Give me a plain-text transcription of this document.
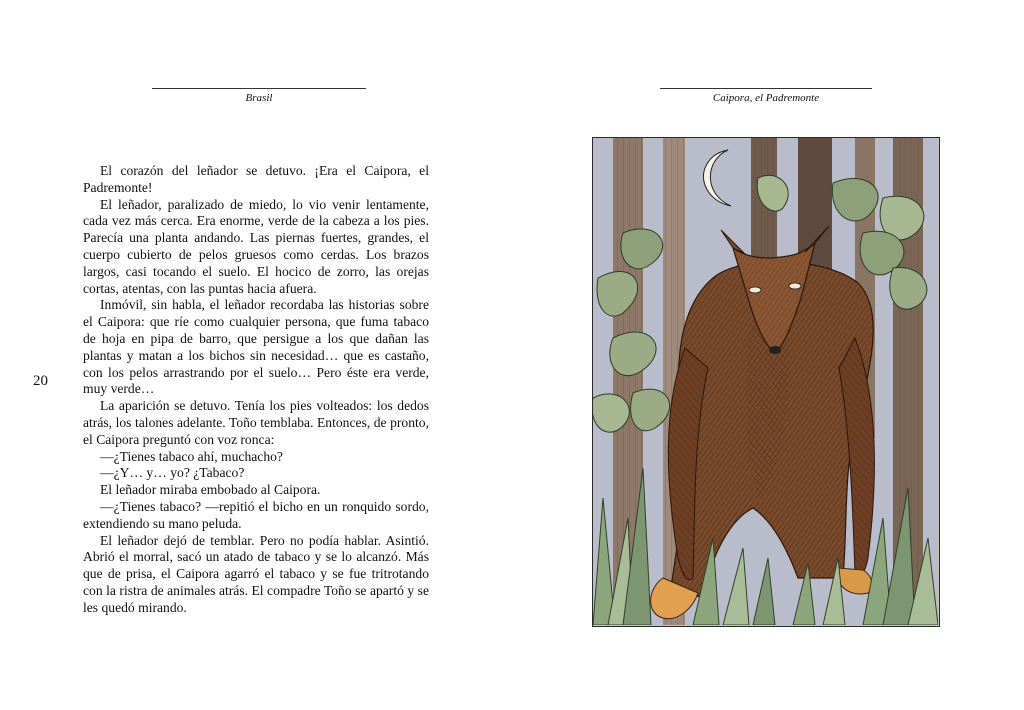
Brasil
20

El corazón del leñador se detuvo. ¡Era el Caipora, el Padremonte!

El leñador, paralizado de miedo, lo vio venir lentamente, cada vez más cerca. Era enorme, verde de la cabeza a los pies. Parecía una planta andando. Las piernas fuertes, grandes, el cuerpo cubierto de pelos gruesos como cerdas. Los brazos largos, casi tocando el suelo. El hocico de zorro, las orejas cortas, atentas, con las puntas hacia afuera.

Inmóvil, sin habla, el leñador recordaba las historias sobre el Caipora: que ríe como cualquier persona, que fuma tabaco de hoja en pipa de barro, que persigue a los que dañan las plantas y matan a los bichos sin necesidad… que es castaño, con los pelos arrastrando por el suelo… Pero éste era verde, muy verde…

La aparición se detuvo. Tenía los pies volteados: los dedos atrás, los talones adelante. Toño temblaba. Entonces, de pronto, el Caipora preguntó con voz ronca:

—¿Tienes tabaco ahí, muchacho?

—¿Y… y… yo? ¿Tabaco?

El leñador miraba embobado al Caipora.

—¿Tienes tabaco? —repitió el bicho en un ronquido sordo, extendiendo su mano peluda.

El leñador dejó de temblar. Pero no podía hablar. Asintió. Abrió el morral, sacó un atado de tabaco y se lo alcanzó. Más que de prisa, el Caipora agarró el tabaco y se fue tritrotando con la ristra de animales atrás. El compadre Toño se apartó y se les quedó mirando.

Caipora, el Padremonte
